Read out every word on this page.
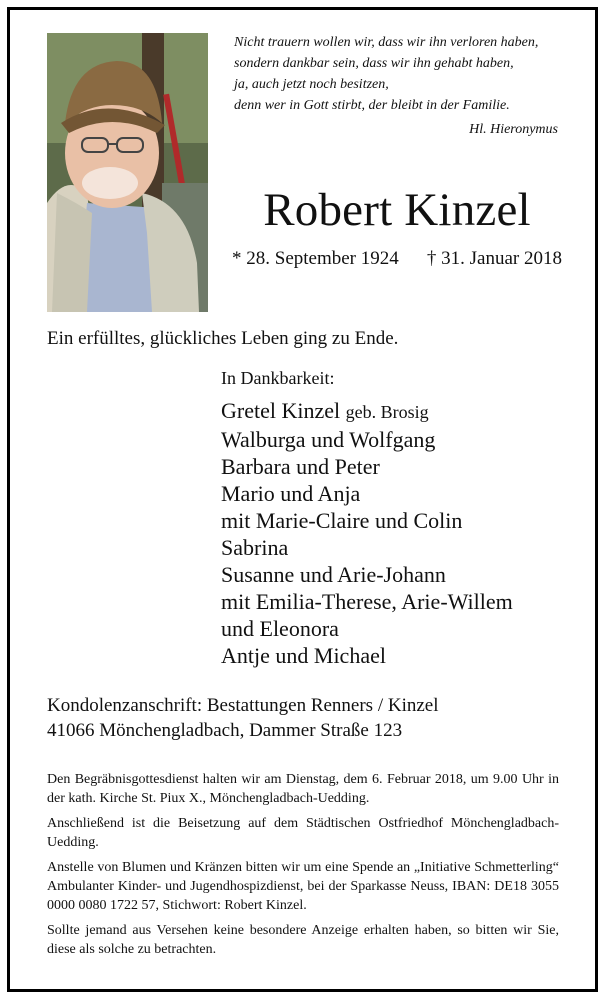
Nicht trauern wollen wir, dass wir ihn verloren haben,
sondern dankbar sein, dass wir ihn gehabt haben,
ja, auch jetzt noch besitzen,
denn wer in Gott stirbt, der bleibt in der Familie.
Hl. Hieronymus
Robert Kinzel
* 28. September 1924 † 31. Januar 2018
Ein erfülltes, glückliches Leben ging zu Ende.
In Dankbarkeit:
Gretel Kinzel geb. Brosig
Walburga und Wolfgang
Barbara und Peter
Mario und Anja
mit Marie-Claire und Colin
Sabrina
Susanne und Arie-Johann
mit Emilia-Therese, Arie-Willem
und Eleonora
Antje und Michael
Kondolenzanschrift: Bestattungen Renners / Kinzel
41066 Mönchengladbach, Dammer Straße 123

Den Begräbnisgottesdienst halten wir am Dienstag, dem 6. Februar 2018, um 9.00 Uhr in der kath. Kirche St. Piux X., Mönchengladbach-Uedding.

Anschließend ist die Beisetzung auf dem Städtischen Ostfriedhof Mönchengladbach-Uedding.

Anstelle von Blumen und Kränzen bitten wir um eine Spende an „Initiative Schmetterling“ Ambulanter Kinder- und Jugendhospizdienst, bei der Sparkasse Neuss, IBAN: DE18 3055 0000 0080 1722 57, Stichwort: Robert Kinzel.

Sollte jemand aus Versehen keine besondere Anzeige erhalten haben, so bitten wir Sie, diese als solche zu betrachten.
